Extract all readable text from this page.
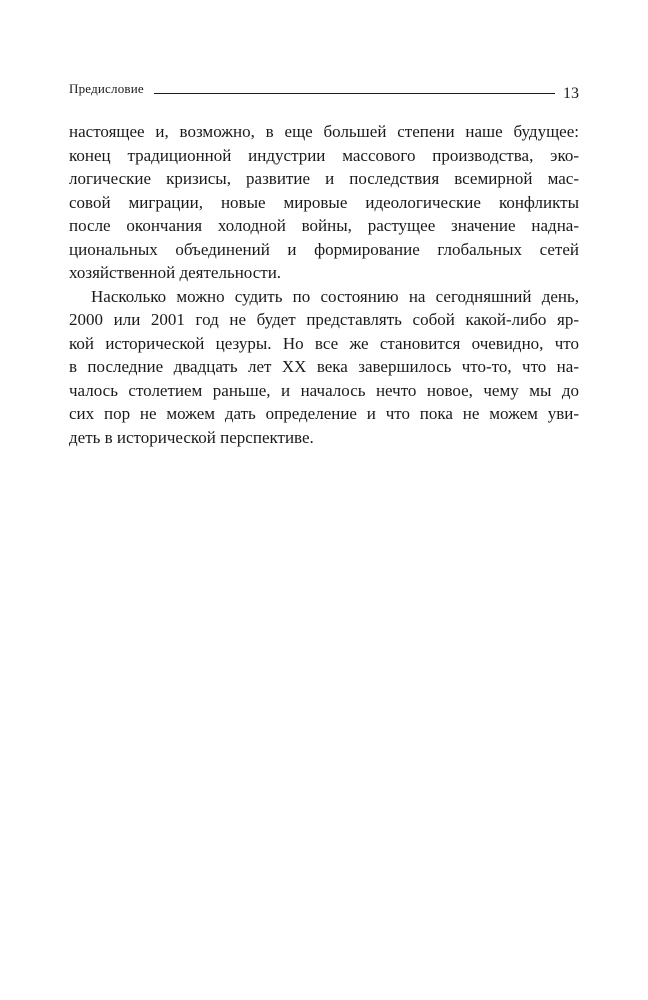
Предисловие	13
настоящее и, возможно, в еще большей степени наше будущее:
конец традиционной индустрии массового производства, эко-
логические кризисы, развитие и последствия всемирной мас-
совой миграции, новые мировые идеологические конфликты
после окончания холодной войны, растущее значение надна-
циональных объединений и формирование глобальных сетей
хозяйственной деятельности.
Насколько можно судить по состоянию на сегодняшний день,
2000 или 2001 год не будет представлять собой какой-либо яр-
кой исторической цезуры. Но все же становится очевидно, что
в последние двадцать лет XX века завершилось что-то, что на-
чалось столетием раньше, и началось нечто новое, чему мы до
сих пор не можем дать определение и что пока не можем уви-
деть в исторической перспективе.
